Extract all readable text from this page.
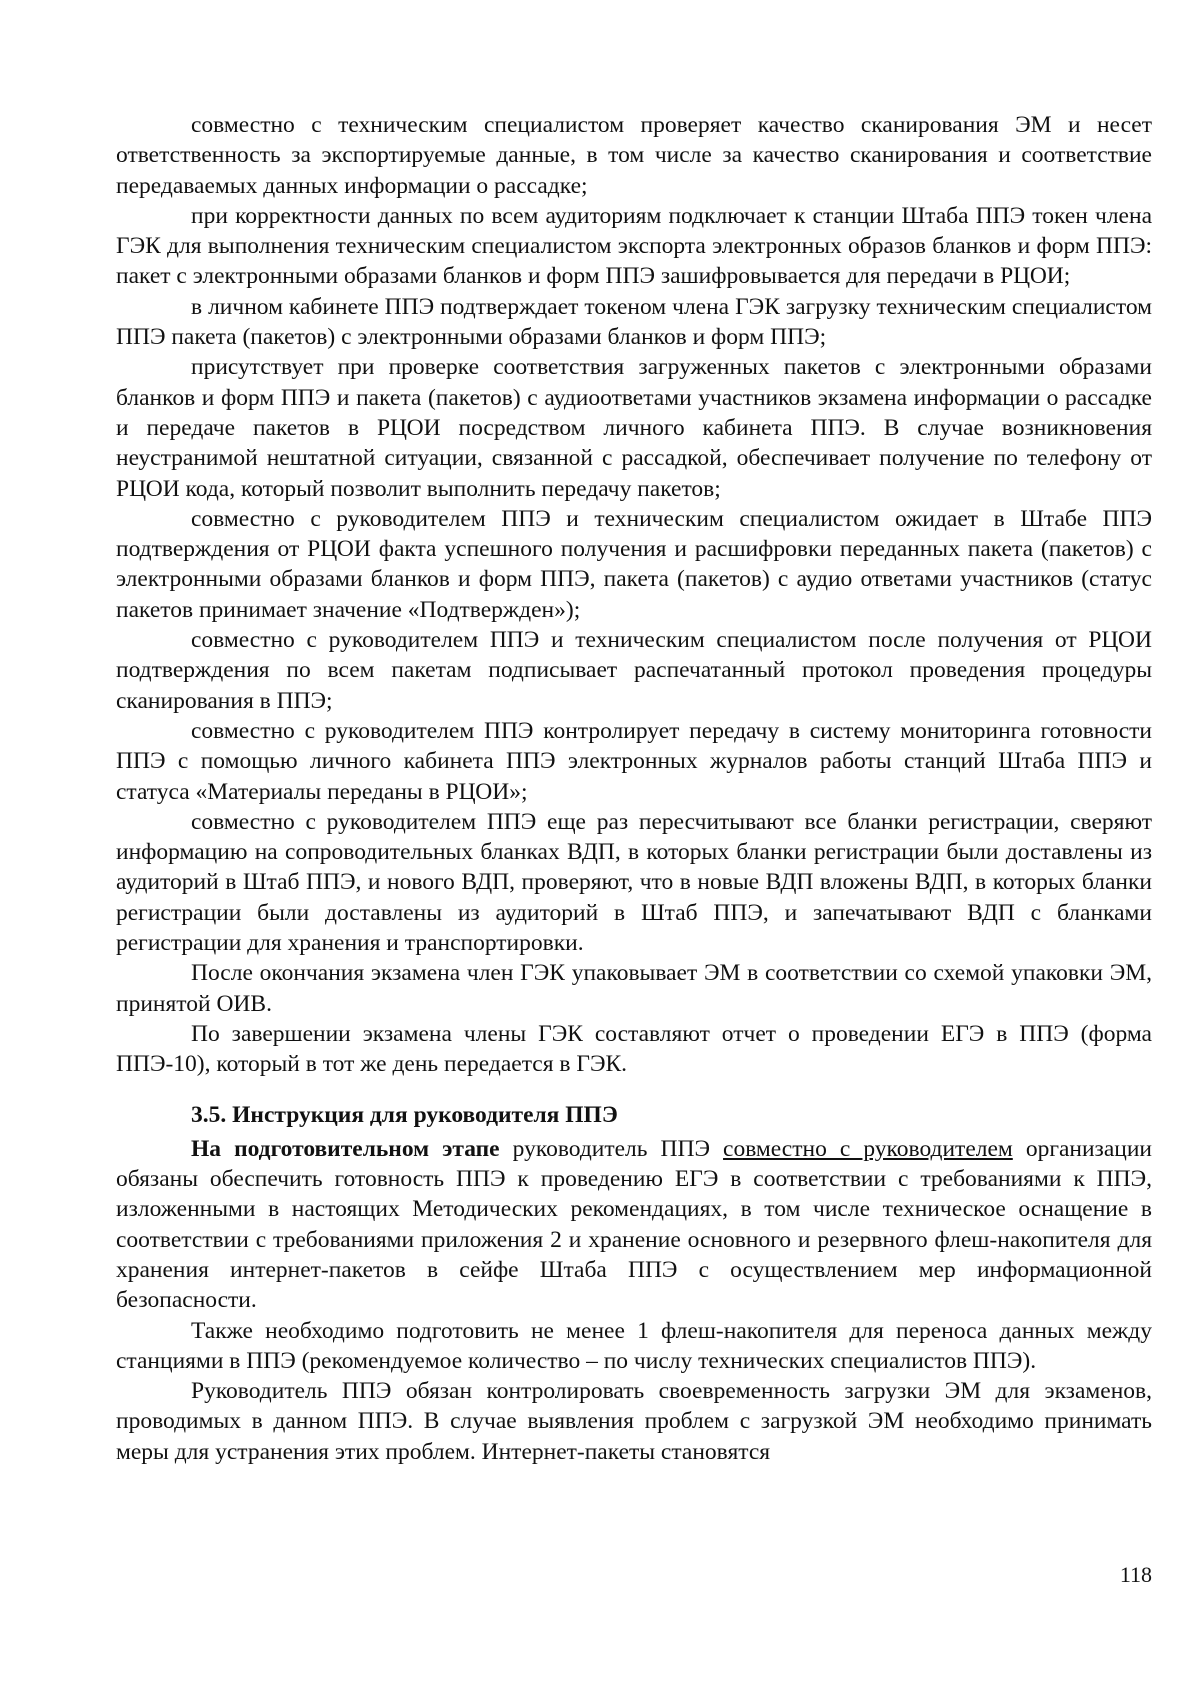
совместно с техническим специалистом проверяет качество сканирования ЭМ и несет ответственность за экспортируемые данные, в том числе за качество сканирования и соответствие передаваемых данных информации о рассадке;

при корректности данных по всем аудиториям подключает к станции Штаба ППЭ токен члена ГЭК для выполнения техническим специалистом экспорта электронных образов бланков и форм ППЭ: пакет с электронными образами бланков и форм ППЭ зашифровывается для передачи в РЦОИ;

в личном кабинете ППЭ подтверждает токеном члена ГЭК загрузку техническим специалистом ППЭ пакета (пакетов) с электронными образами бланков и форм ППЭ;

присутствует при проверке соответствия загруженных пакетов с электронными образами бланков и форм ППЭ и пакета (пакетов) с аудиоответами участников экзамена информации о рассадке и передаче пакетов в РЦОИ посредством личного кабинета ППЭ. В случае возникновения неустранимой нештатной ситуации, связанной с рассадкой, обеспечивает получение по телефону от РЦОИ кода, который позволит выполнить передачу пакетов;

совместно с руководителем ППЭ и техническим специалистом ожидает в Штабе ППЭ подтверждения от РЦОИ факта успешного получения и расшифровки переданных пакета (пакетов) с электронными образами бланков и форм ППЭ, пакета (пакетов) с аудио ответами участников (статус пакетов принимает значение «Подтвержден»);

совместно с руководителем ППЭ и техническим специалистом после получения от РЦОИ подтверждения по всем пакетам подписывает распечатанный протокол проведения процедуры сканирования в ППЭ;

совместно с руководителем ППЭ контролирует передачу в систему мониторинга готовности ППЭ с помощью личного кабинета ППЭ электронных журналов работы станций Штаба ППЭ и статуса «Материалы переданы в РЦОИ»;

совместно с руководителем ППЭ еще раз пересчитывают все бланки регистрации, сверяют информацию на сопроводительных бланках ВДП, в которых бланки регистрации были доставлены из аудиторий в Штаб ППЭ, и нового ВДП, проверяют, что в новые ВДП вложены ВДП, в которых бланки регистрации были доставлены из аудиторий в Штаб ППЭ, и запечатывают ВДП с бланками регистрации для хранения и транспортировки.

После окончания экзамена член ГЭК упаковывает ЭМ в соответствии со схемой упаковки ЭМ, принятой ОИВ.

По завершении экзамена члены ГЭК составляют отчет о проведении ЕГЭ в ППЭ (форма ППЭ-10), который в тот же день передается в ГЭК.

3.5. Инструкция для руководителя ППЭ

На подготовительном этапе руководитель ППЭ совместно с руководителем организации обязаны обеспечить готовность ППЭ к проведению ЕГЭ в соответствии с требованиями к ППЭ, изложенными в настоящих Методических рекомендациях, в том числе техническое оснащение в соответствии с требованиями приложения 2 и хранение основного и резервного флеш-накопителя для хранения интернет-пакетов в сейфе Штаба ППЭ с осуществлением мер информационной безопасности.

Также необходимо подготовить не менее 1 флеш-накопителя для переноса данных между станциями в ППЭ (рекомендуемое количество – по числу технических специалистов ППЭ).

Руководитель ППЭ обязан контролировать своевременность загрузки ЭМ для экзаменов, проводимых в данном ППЭ. В случае выявления проблем с загрузкой ЭМ необходимо принимать меры для устранения этих проблем. Интернет-пакеты становятся

118
